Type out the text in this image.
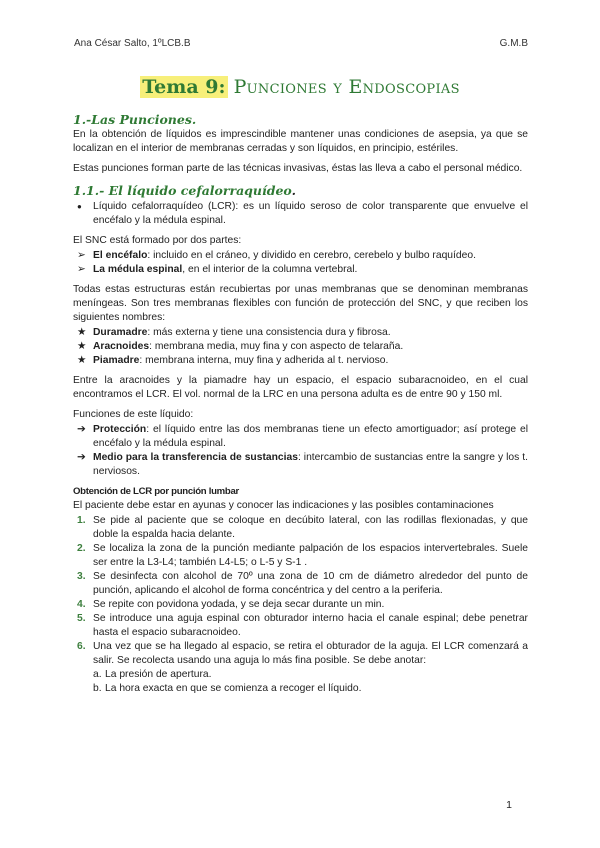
Ana César Salto, 1ºLCB.B	G.M.B
Tema 9: Punciones y Endoscopias
1.-Las Punciones.

En la obtención de líquidos es imprescindible mantener unas condiciones de asepsia, ya que se localizan en el interior de membranas cerradas y son líquidos, en principio, estériles.

Estas punciones forman parte de las técnicas invasivas, éstas las lleva a cabo el personal médico.

1.1.- El líquido cefalorraquídeo.
●	Líquido cefalorraquídeo (LCR): es un líquido seroso de color transparente que envuelve el encéfalo y la médula espinal.

El SNC está formado por dos partes:

➢ El encéfalo: incluido en el cráneo, y dividido en cerebro, cerebelo y bulbo raquídeo.
➢ La médula espinal, en el interior de la columna vertebral.

Todas estas estructuras están recubiertas por unas membranas que se denominan membranas meníngeas. Son tres membranas flexibles con función de protección del SNC, y que reciben los siguientes nombres:

★ Duramadre: más externa y tiene una consistencia dura y fibrosa.
★ Aracnoides: membrana media, muy fina y con aspecto de telaraña.
★ Piamadre: membrana interna, muy fina y adherida al t. nervioso.

Entre la aracnoides y la piamadre hay un espacio, el espacio subaracnoideo, en el cual encontramos el LCR. El vol. normal de la LRC en una persona adulta es de entre 90 y 150 ml.

Funciones de este líquido:

➔ Protección: el líquido entre las dos membranas tiene un efecto amortiguador; así protege el encéfalo y la médula espinal.
➔ Medio para la transferencia de sustancias: intercambio de sustancias entre la sangre y los t. nerviosos.
Obtención de LCR por punción lumbar

El paciente debe estar en ayunas y conocer las indicaciones y las posibles contaminaciones

1. Se pide al paciente que se coloque en decúbito lateral, con las rodillas flexionadas, y que doble la espalda hacia delante.
2. Se localiza la zona de la punción mediante palpación de los espacios intervertebrales. Suele ser entre la L3-L4; también L4-L5; o L-5 y S-1 .
3. Se desinfecta con alcohol de 70º una zona de 10 cm de diámetro alrededor del punto de punción, aplicando el alcohol de forma concéntrica y del centro a la periferia.
4. Se repite con povidona yodada, y se deja secar durante un min.
5. Se introduce una aguja espinal con obturador interno hacia el canale espinal; debe penetrar hasta el espacio subaracnoideo.
6. Una vez que se ha llegado al espacio, se retira el obturador de la aguja. El LCR comenzará a salir. Se recolecta usando una aguja lo más fina posible. Se debe anotar:
a. La presión de apertura.
b. La hora exacta en que se comienza a recoger el líquido.
1
